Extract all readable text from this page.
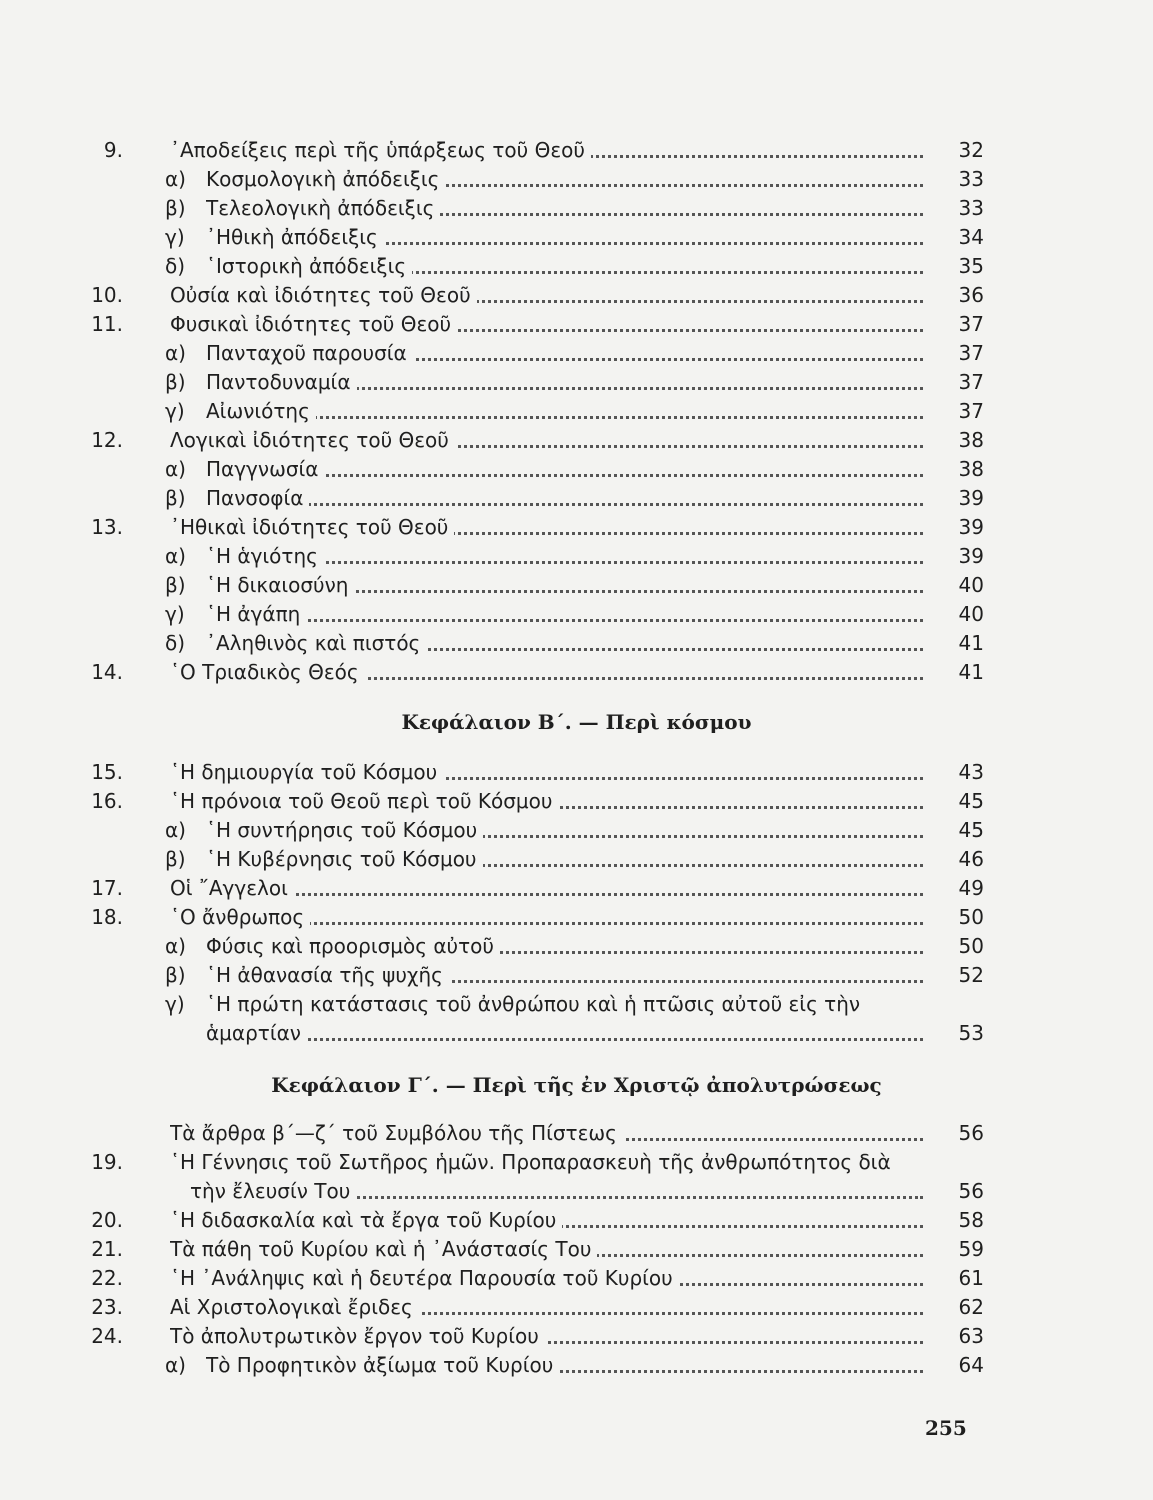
9. ᾿Αποδείξεις περὶ τῆς ὑπάρξεως τοῦ Θεοῦ	32
α) Κοσμολογικὴ ἀπόδειξις	33
β) Τελεολογικὴ ἀπόδειξις	33
γ) ᾿Ηθικὴ ἀπόδειξις	34
δ) ῾Ιστορικὴ ἀπόδειξις	35
10. Οὐσία καὶ ἰδιότητες τοῦ Θεοῦ	36
11. Φυσικαὶ ἰδιότητες τοῦ Θεοῦ	37
α) Πανταχοῦ παρουσία	37
β) Παντοδυναμία	37
γ) Αἰωνιότης	37
12. Λογικαὶ ἰδιότητες τοῦ Θεοῦ	38
α) Παγγνωσία	38
β) Πανσοφία	39
13. ᾿Ηθικαὶ ἰδιότητες τοῦ Θεοῦ	39
α) ῾Η ἁγιότης	39
β) ῾Η δικαιοσύνη	40
γ) ῾Η ἀγάπη	40
δ) ᾿Αληθινὸς καὶ πιστός	41
14. ῾Ο Τριαδικὸς Θεός	41
Κεφάλαιον Β΄. — Περὶ κόσμου
15. ῾Η δημιουργία τοῦ Κόσμου	43
16. ῾Η πρόνοια τοῦ Θεοῦ περὶ τοῦ Κόσμου	45
α) ῾Η συντήρησις τοῦ Κόσμου	45
β) ῾Η Κυβέρνησις τοῦ Κόσμου	46
17. Οἱ ῎Αγγελοι	49
18. ῾Ο ἄνθρωπος	50
α) Φύσις καὶ προορισμὸς αὐτοῦ	50
β) ῾Η ἀθανασία τῆς ψυχῆς	52
γ) ῾Η πρώτη κατάστασις τοῦ ἀνθρώπου καὶ ἡ πτῶσις αὐτοῦ εἰς τὴν
ἁμαρτίαν	53
Κεφάλαιον Γ΄. — Περὶ τῆς ἐν Χριστῷ ἀπολυτρώσεως
Τὰ ἄρθρα β΄—ζ΄ τοῦ Συμβόλου τῆς Πίστεως	56
19. ῾Η Γέννησις τοῦ Σωτῆρος ἡμῶν. Προπαρασκευὴ τῆς ἀνθρωπότητος διὰ
τὴν ἔλευσίν Του	56
20. ῾Η διδασκαλία καὶ τὰ ἔργα τοῦ Κυρίου	58
21. Τὰ πάθη τοῦ Κυρίου καὶ ἡ ᾿Ανάστασίς Του	59
22. ῾Η ᾿Ανάληψις καὶ ἡ δευτέρα Παρουσία τοῦ Κυρίου	61
23. Αἱ Χριστολογικαὶ ἔριδες	62
24. Τὸ ἀπολυτρωτικὸν ἔργον τοῦ Κυρίου	63
α) Τὸ Προφητικὸν ἀξίωμα τοῦ Κυρίου	64
255
